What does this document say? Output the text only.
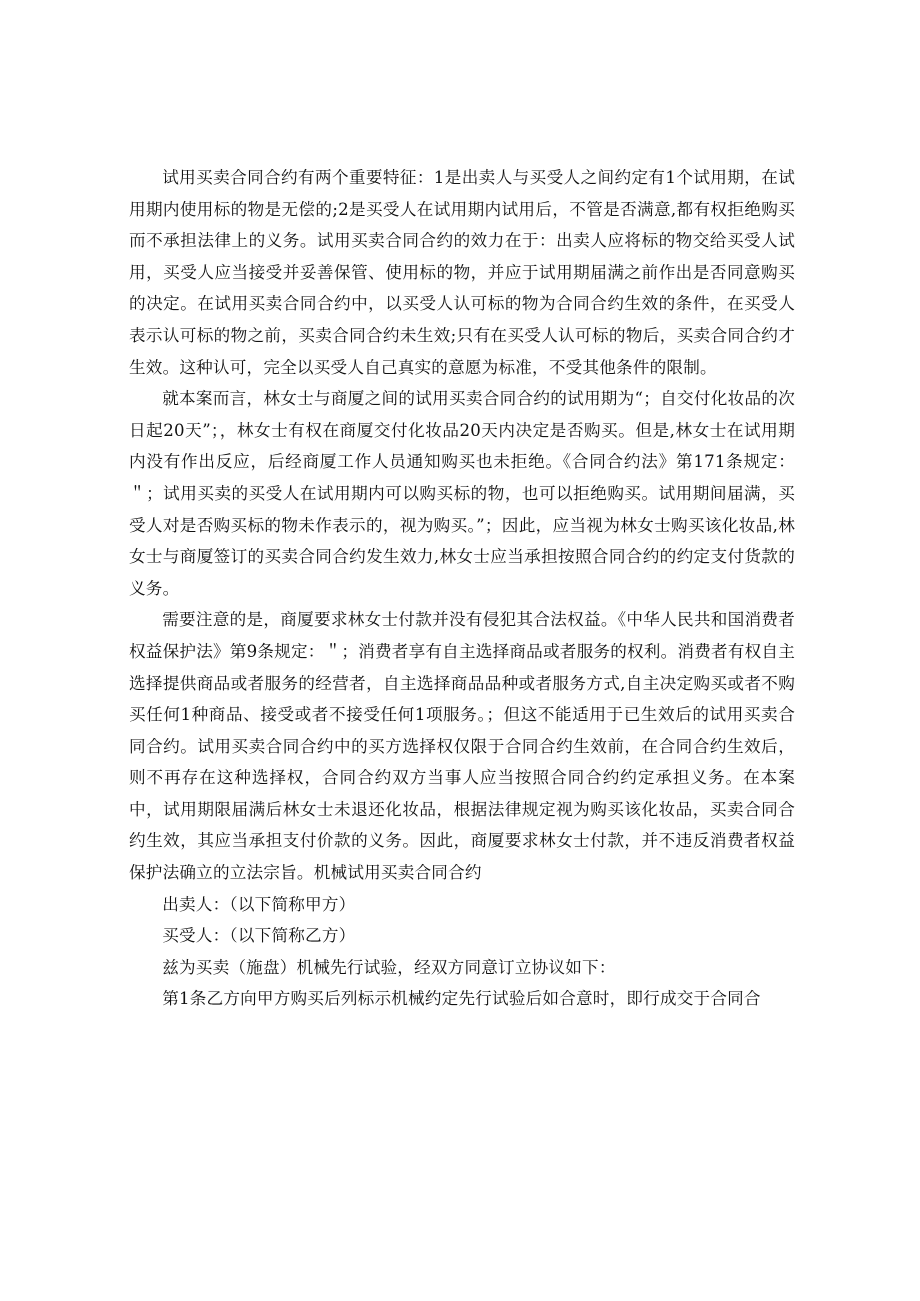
试用买卖合同合约有两个重要特征：1是出卖人与买受人之间约定有1个试用期，在试用期内使用标的物是无偿的;2是买受人在试用期内试用后，不管是否满意,都有权拒绝购买而不承担法律上的义务。试用买卖合同合约的效力在于：出卖人应将标的物交给买受人试用，买受人应当接受并妥善保管、使用标的物，并应于试用期届满之前作出是否同意购买的决定。在试用买卖合同合约中，以买受人认可标的物为合同合约生效的条件，在买受人表示认可标的物之前，买卖合同合约未生效;只有在买受人认可标的物后，买卖合同合约才生效。这种认可，完全以买受人自己真实的意愿为标准，不受其他条件的限制。

就本案而言，林女士与商厦之间的试用买卖合同合约的试用期为“；自交付化妆品的次日起20天”；，林女士有权在商厦交付化妆品20天内决定是否购买。但是,林女士在试用期内没有作出反应，后经商厦工作人员通知购买也未拒绝。《合同合约法》第171条规定：＂；试用买卖的买受人在试用期内可以购买标的物，也可以拒绝购买。试用期间届满，买受人对是否购买标的物未作表示的，视为购买。”；因此，应当视为林女士购买该化妆品,林女士与商厦签订的买卖合同合约发生效力,林女士应当承担按照合同合约的约定支付货款的义务。

需要注意的是，商厦要求林女士付款并没有侵犯其合法权益。《中华人民共和国消费者权益保护法》第9条规定：＂；消费者享有自主选择商品或者服务的权利。消费者有权自主选择提供商品或者服务的经营者，自主选择商品品种或者服务方式,自主决定购买或者不购买任何1种商品、接受或者不接受任何1项服务。；但这不能适用于已生效后的试用买卖合同合约。试用买卖合同合约中的买方选择权仅限于合同合约生效前，在合同合约生效后，则不再存在这种选择权，合同合约双方当事人应当按照合同合约约定承担义务。在本案中，试用期限届满后林女士未退还化妆品，根据法律规定视为购买该化妆品，买卖合同合约生效，其应当承担支付价款的义务。因此，商厦要求林女士付款，并不违反消费者权益保护法确立的立法宗旨。机械试用买卖合同合约

出卖人：（以下简称甲方）

买受人：（以下简称乙方）

兹为买卖（施盘）机械先行试验，经双方同意订立协议如下：

第1条乙方向甲方购买后列标示机械约定先行试验后如合意时，即行成交于合同合
